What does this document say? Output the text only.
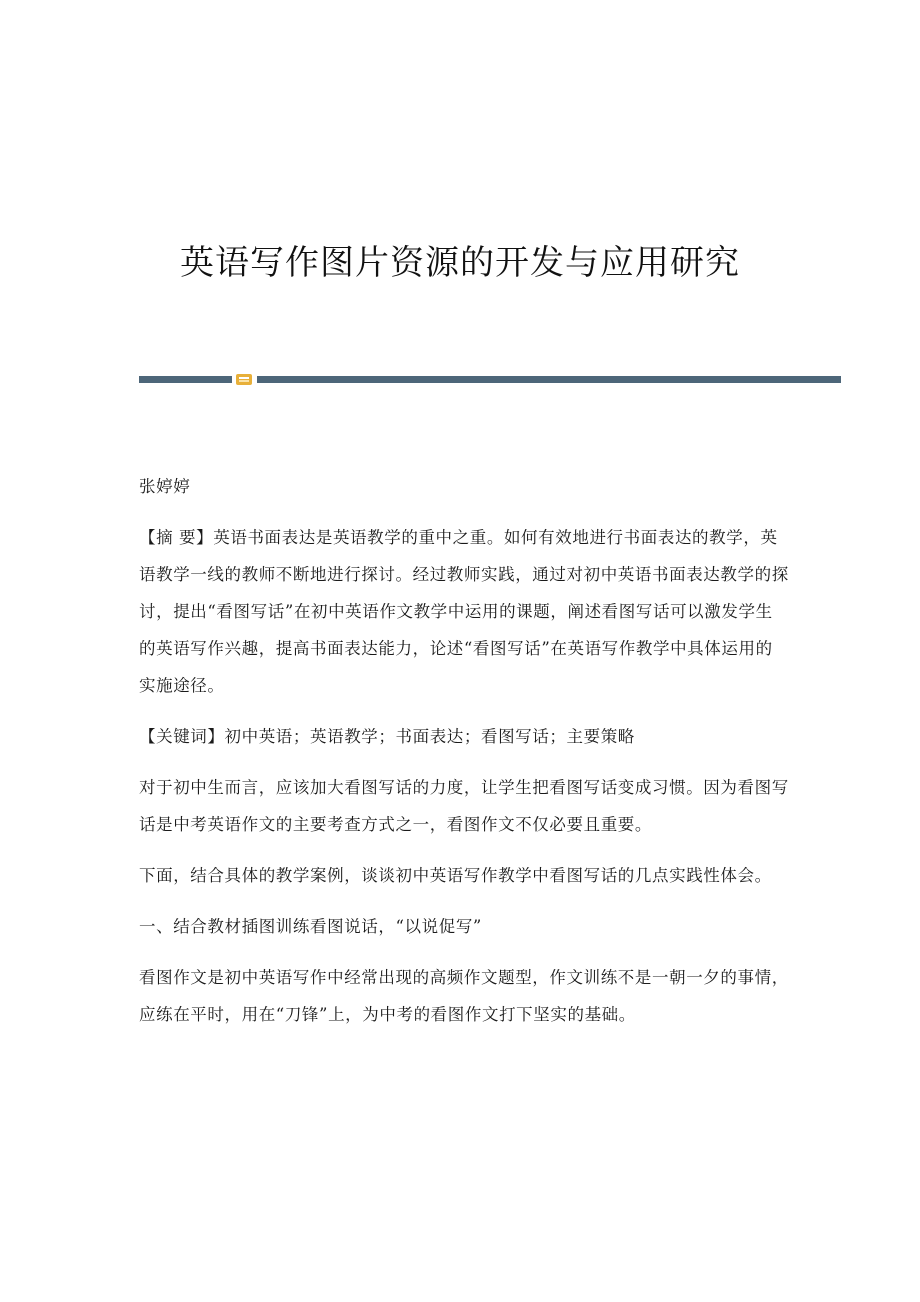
英语写作图片资源的开发与应用研究

张婷婷

【摘 要】英语书面表达是英语教学的重中之重。如何有效地进行书面表达的教学，英语教学一线的教师不断地进行探讨。经过教师实践，通过对初中英语书面表达教学的探讨，提出“看图写话”在初中英语作文教学中运用的课题，阐述看图写话可以激发学生的英语写作兴趣，提高书面表达能力，论述“看图写话”在英语写作教学中具体运用的实施途径。

【关键词】初中英语；英语教学；书面表达；看图写话；主要策略

对于初中生而言，应该加大看图写话的力度，让学生把看图写话变成习惯。因为看图写话是中考英语作文的主要考查方式之一，看图作文不仅必要且重要。

下面，结合具体的教学案例，谈谈初中英语写作教学中看图写话的几点实践性体会。

一、结合教材插图训练看图说话，“以说促写”

看图作文是初中英语写作中经常出现的高频作文题型，作文训练不是一朝一夕的事情，应练在平时，用在“刀锋”上，为中考的看图作文打下坚实的基础。
